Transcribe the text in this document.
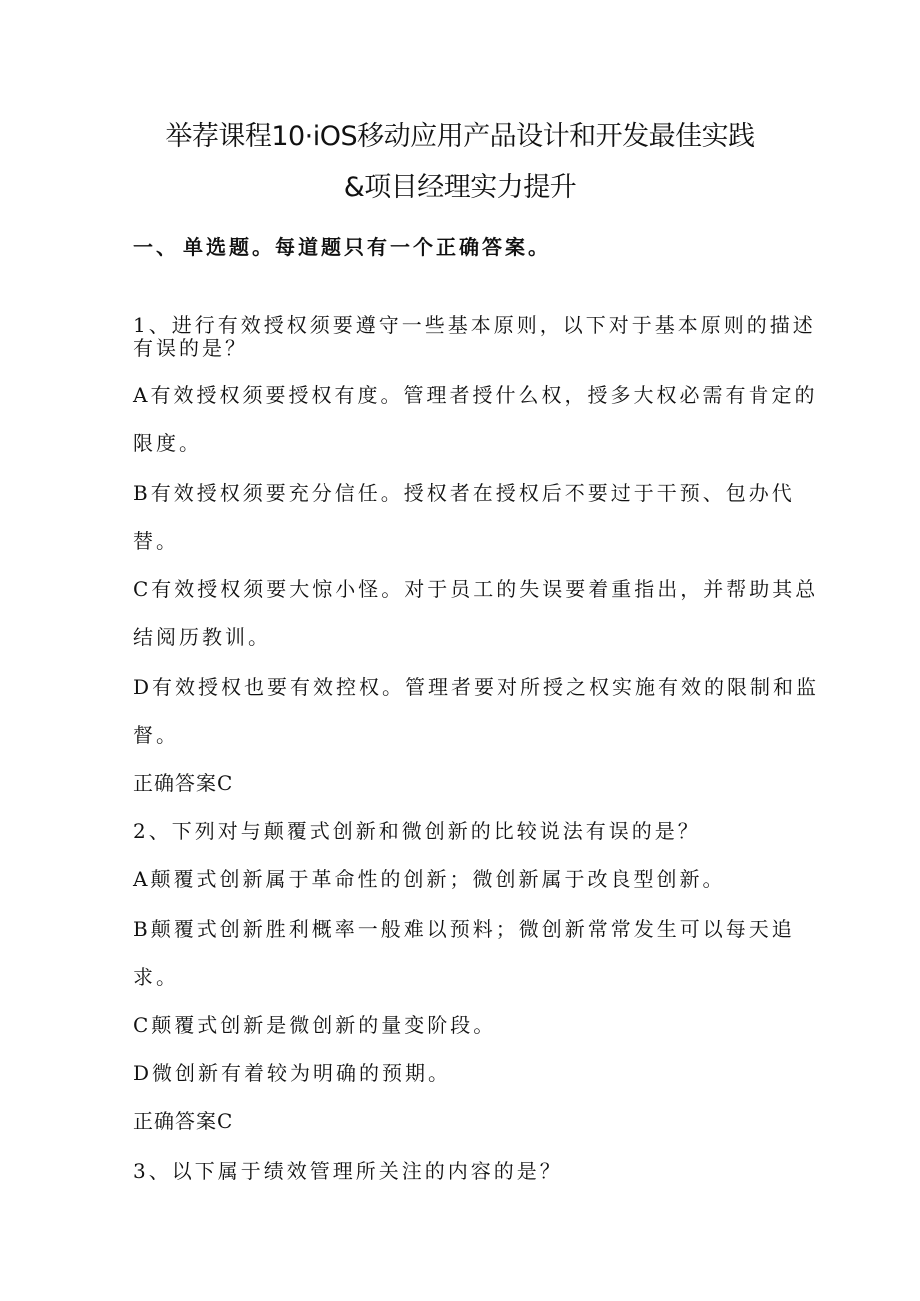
举荐课程10·iOS移动应用产品设计和开发最佳实践
&项目经理实力提升
一、 单选题。每道题只有一个正确答案。
1、进行有效授权须要遵守一些基本原则，以下对于基本原则的描述
有误的是？
A有效授权须要授权有度。管理者授什么权，授多大权必需有肯定的
限度。
B有效授权须要充分信任。授权者在授权后不要过于干预、包办代
替。
C有效授权须要大惊小怪。对于员工的失误要着重指出，并帮助其总
结阅历教训。
D有效授权也要有效控权。管理者要对所授之权实施有效的限制和监
督。
正确答案C
2、下列对与颠覆式创新和微创新的比较说法有误的是？
A颠覆式创新属于革命性的创新；微创新属于改良型创新。
B颠覆式创新胜利概率一般难以预料；微创新常常发生可以每天追
求。
C颠覆式创新是微创新的量变阶段。
D微创新有着较为明确的预期。
正确答案C
3、以下属于绩效管理所关注的内容的是？
